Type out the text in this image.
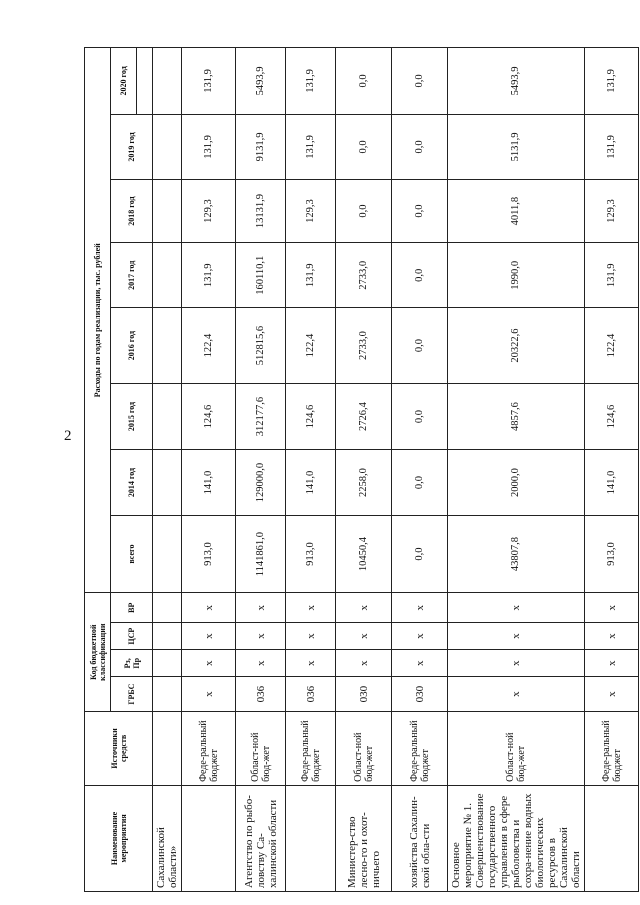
2
Наименование мероприятия	Источники средств	Код бюджетной классификации				Расходы по годам реализации, тыс. рублей							
		ГРБС	Рз, Пр	ЦСР	ВР	всего	2014 год	2015 год	2016 год	2017 год	2018 год	2019 год	2020 год

Сахалинской области»													
	Феде-ральный бюджет	x	x	x	x	913,0	141,0	124,6	122,4	131,9	129,3	131,9	131,9
Агентство по рыбо-ловству Са-халинской области	Област-ной бюд-жет	036	x	x	x	1141861,0	129000,0	312177,6	512815,6	160110,1	13131,9	9131,9	5493,9
	Феде-ральный бюджет	036	x	x	x	913,0	141,0	124,6	122,4	131,9	129,3	131,9	131,9
Министер-ство лесно-го и охот-ничьего	Област-ной бюд-жет	030	x	x	x	10450,4	2258,0	2726,4	2733,0	2733,0	0,0	0,0	0,0
хозяйства Сахалин-ской обла-сти	Феде-ральный бюджет	030	x	x	x	0,0	0,0	0,0	0,0	0,0	0,0	0,0	0,0
Основное мероприятие № 1. Совершенствование государственного управления в сфере рыболовства и сохра-нение водных биологических ресурсов в Сахалинской области	Област-ной бюд-жет	x	x	x	x	43807,8	2000,0	4857,6	20322,6	1990,0	4011,8	5131,9	5493,9
	Феде-ральный бюджет	x	x	x	x	913,0	141,0	124,6	122,4	131,9	129,3	131,9	131,9
